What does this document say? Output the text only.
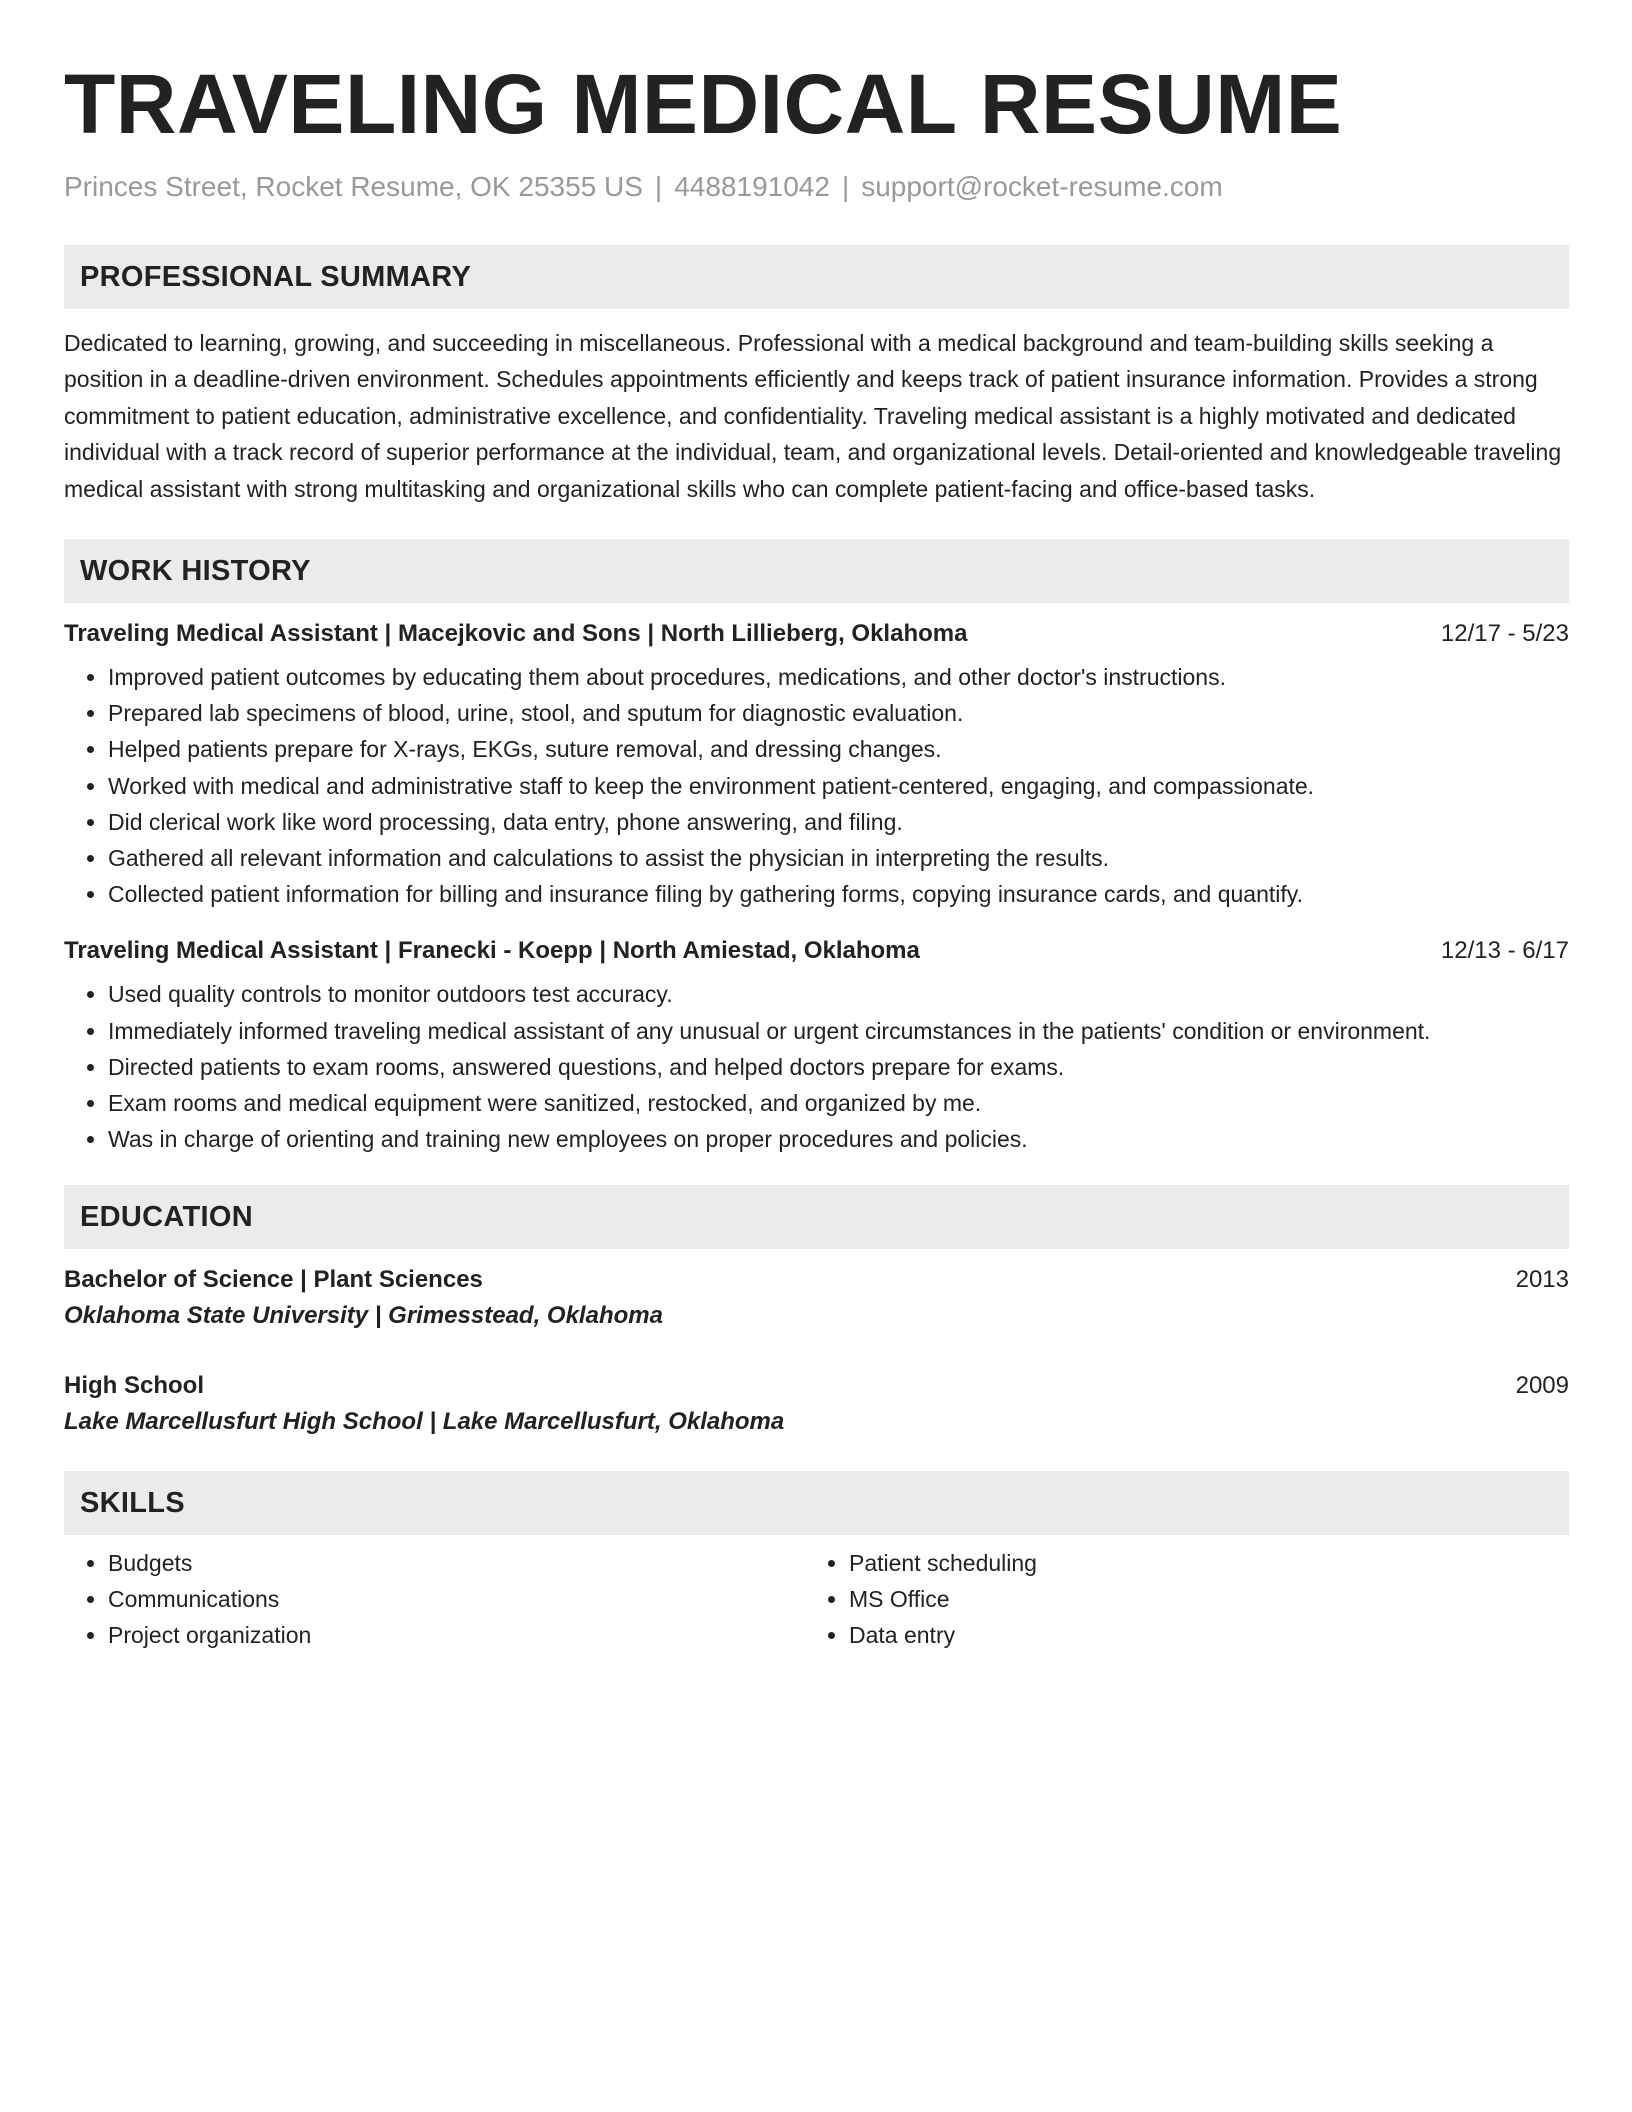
TRAVELING MEDICAL RESUME
Princes Street, Rocket Resume, OK 25355 US | 4488191042 | support@rocket-resume.com
PROFESSIONAL SUMMARY

Dedicated to learning, growing, and succeeding in miscellaneous. Professional with a medical background and team-building skills seeking a position in a deadline-driven environment. Schedules appointments efficiently and keeps track of patient insurance information. Provides a strong commitment to patient education, administrative excellence, and confidentiality. Traveling medical assistant is a highly motivated and dedicated individual with a track record of superior performance at the individual, team, and organizational levels. Detail-oriented and knowledgeable traveling medical assistant with strong multitasking and organizational skills who can complete patient-facing and office-based tasks.

WORK HISTORY
Traveling Medical Assistant | Macejkovic and Sons | North Lillieberg, Oklahoma	12/17 - 5/23
• Improved patient outcomes by educating them about procedures, medications, and other doctor's instructions.
• Prepared lab specimens of blood, urine, stool, and sputum for diagnostic evaluation.
• Helped patients prepare for X-rays, EKGs, suture removal, and dressing changes.
• Worked with medical and administrative staff to keep the environment patient-centered, engaging, and compassionate.
• Did clerical work like word processing, data entry, phone answering, and filing.
• Gathered all relevant information and calculations to assist the physician in interpreting the results.
• Collected patient information for billing and insurance filing by gathering forms, copying insurance cards, and quantify.
Traveling Medical Assistant | Franecki - Koepp | North Amiestad, Oklahoma	12/13 - 6/17
• Used quality controls to monitor outdoors test accuracy.
• Immediately informed traveling medical assistant of any unusual or urgent circumstances in the patients' condition or environment.
• Directed patients to exam rooms, answered questions, and helped doctors prepare for exams.
• Exam rooms and medical equipment were sanitized, restocked, and organized by me.
• Was in charge of orienting and training new employees on proper procedures and policies.
EDUCATION
Bachelor of Science | Plant Sciences	2013
Oklahoma State University | Grimesstead, Oklahoma
High School	2009
Lake Marcellusfurt High School | Lake Marcellusfurt, Oklahoma
SKILLS
• Budgets
• Communications
• Project organization
• Patient scheduling
• MS Office
• Data entry
